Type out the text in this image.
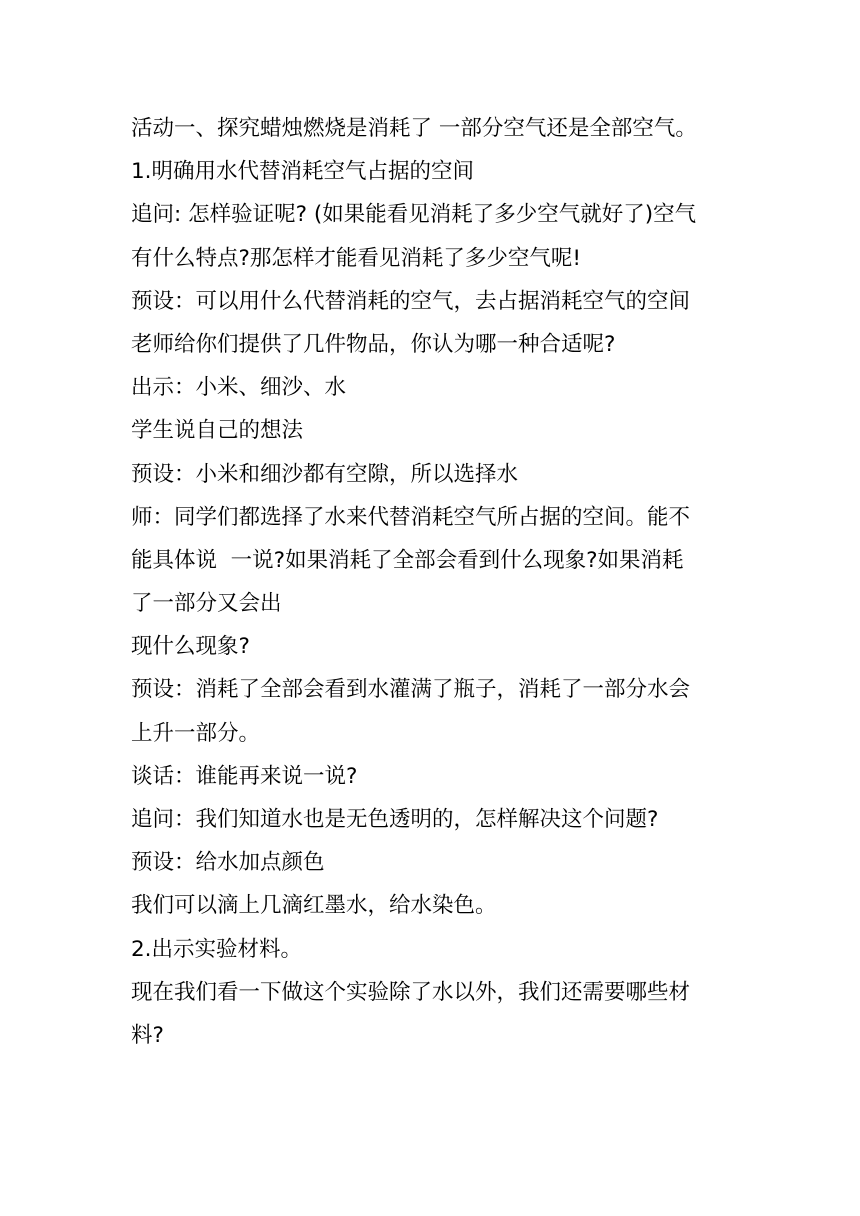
活动一、探究蜡烛燃烧是消耗了 一部分空气还是全部空气。
1.明确用水代替消耗空气占据的空间
追问: 怎样验证呢? (如果能看见消耗了多少空气就好了)空气
有什么特点?那怎样才能看见消耗了多少空气呢!
预设：可以用什么代替消耗的空气，去占据消耗空气的空间
老师给你们提供了几件物品，你认为哪一种合适呢?
出示：小米、细沙、水
学生说自己的想法
预设：小米和细沙都有空隙，所以选择水
师：同学们都选择了水来代替消耗空气所占据的空间。能不
能具体说  一说?如果消耗了全部会看到什么现象?如果消耗
了一部分又会出
现什么现象?
预设：消耗了全部会看到水灌满了瓶子，消耗了一部分水会
上升一部分。
谈话：谁能再来说一说?
追问：我们知道水也是无色透明的，怎样解决这个问题?
预设：给水加点颜色
我们可以滴上几滴红墨水，给水染色。
2.出示实验材料。
现在我们看一下做这个实验除了水以外，我们还需要哪些材
料?
